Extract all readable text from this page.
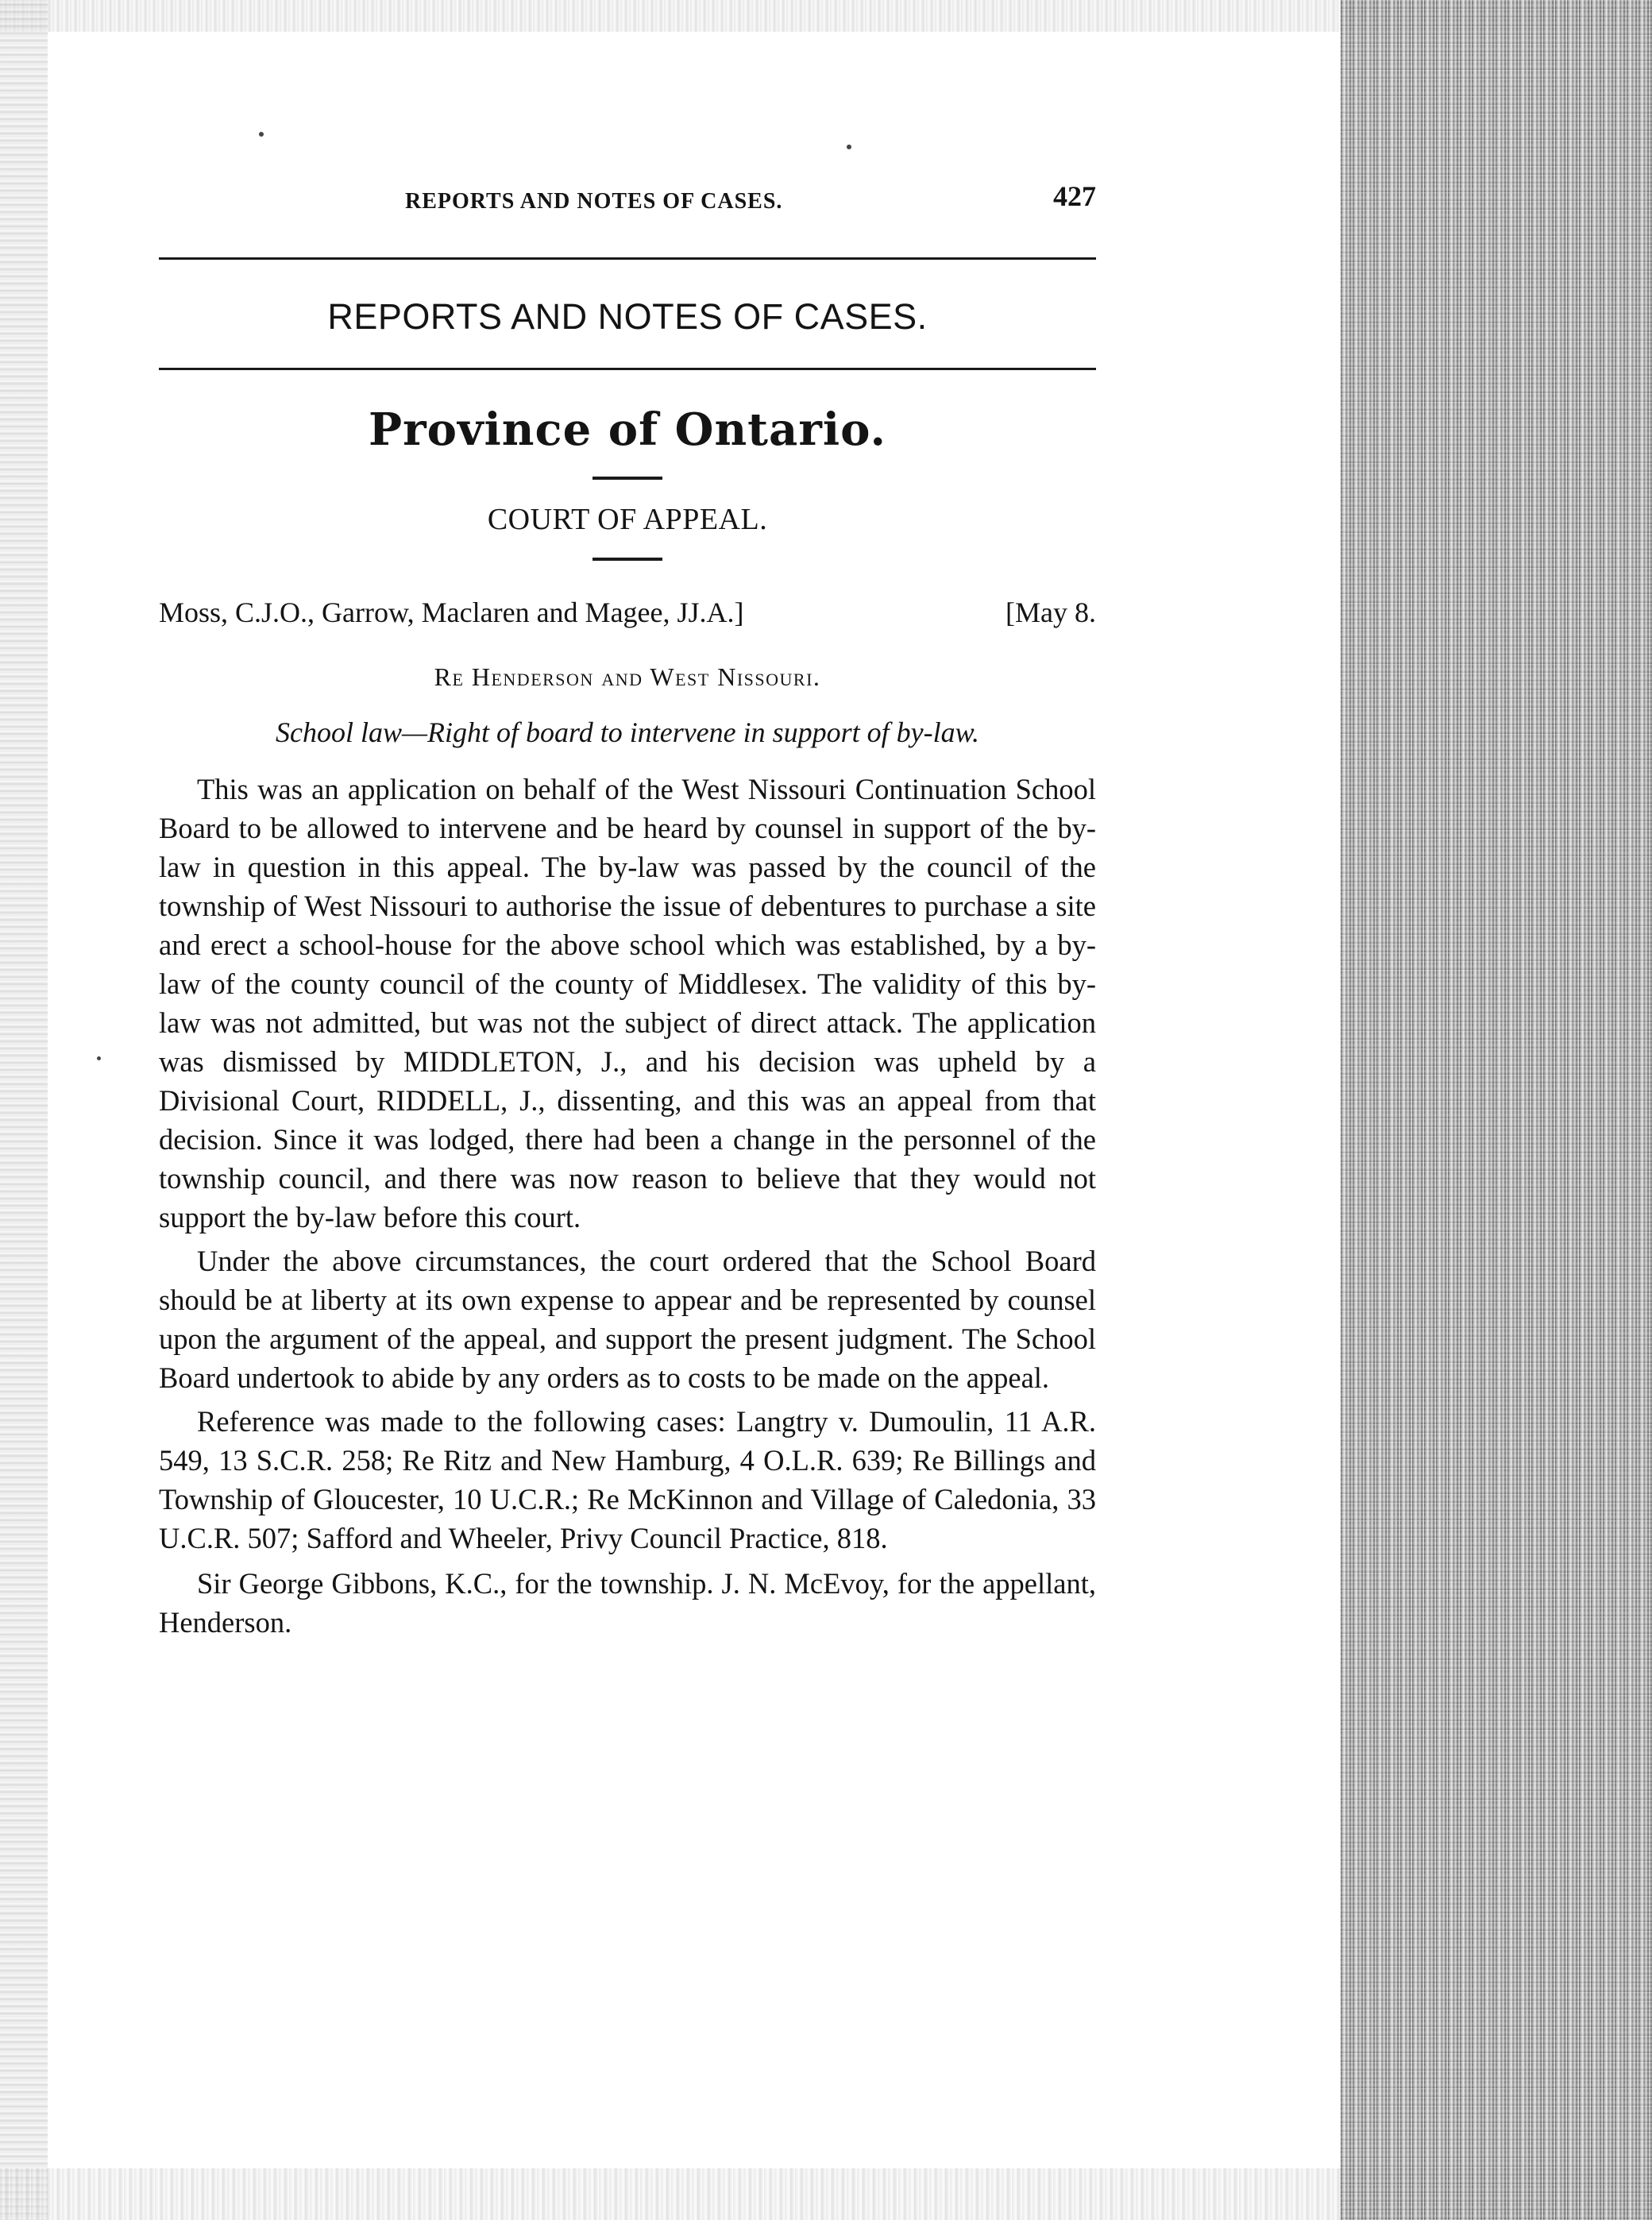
REPORTS AND NOTES OF CASES.	427
REPORTS AND NOTES OF CASES.
Province of Ontario.
COURT OF APPEAL.
Moss, C.J.O., Garrow, Maclaren and Magee, JJ.A.]	[May 8.
Re Henderson and West Nissouri.
School law—Right of board to intervene in support of by-law.

This was an application on behalf of the West Nissouri Continuation School Board to be allowed to intervene and be heard by counsel in support of the by-law in question in this appeal. The by-law was passed by the council of the township of West Nissouri to authorise the issue of debentures to purchase a site and erect a school-house for the above school which was established, by a by-law of the county council of the county of Middlesex. The validity of this by-law was not admitted, but was not the subject of direct attack. The application was dismissed by MIDDLETON, J., and his decision was upheld by a Divisional Court, RIDDELL, J., dissenting, and this was an appeal from that decision. Since it was lodged, there had been a change in the personnel of the township council, and there was now reason to believe that they would not support the by-law before this court.

Under the above circumstances, the court ordered that the School Board should be at liberty at its own expense to appear and be represented by counsel upon the argument of the appeal, and support the present judgment. The School Board undertook to abide by any orders as to costs to be made on the appeal.

Reference was made to the following cases: Langtry v. Dumoulin, 11 A.R. 549, 13 S.C.R. 258; Re Ritz and New Hamburg, 4 O.L.R. 639; Re Billings and Township of Gloucester, 10 U.C.R.; Re McKinnon and Village of Caledonia, 33 U.C.R. 507; Safford and Wheeler, Privy Council Practice, 818.

Sir George Gibbons, K.C., for the township. J. N. McEvoy, for the appellant, Henderson.
